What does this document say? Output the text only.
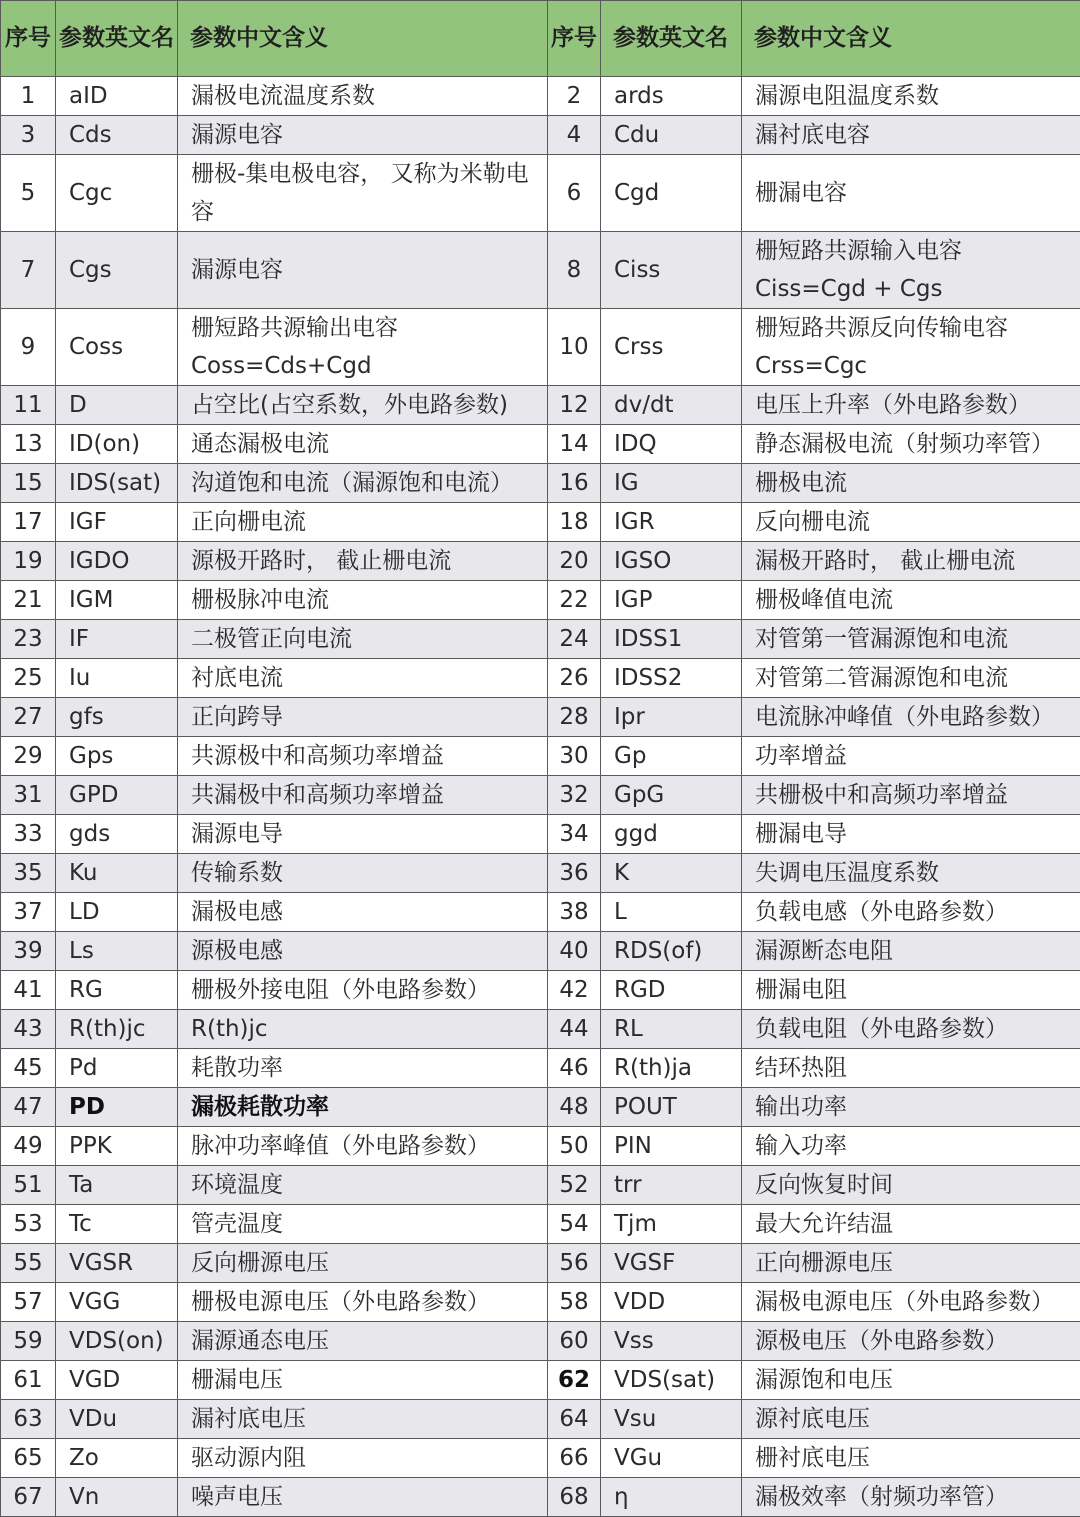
序号	参数英文名	参数中文含义	序号	参数英文名	参数中文含义
1	aID	漏极电流温度系数	2	ards	漏源电阻温度系数
3	Cds	漏源电容	4	Cdu	漏衬底电容
5	Cgc	栅极-集电极电容， 又称为米勒电容	6	Cgd	栅漏电容
7	Cgs	漏源电容	8	Ciss	栅短路共源输入电容 Ciss=Cgd + Cgs
9	Coss	栅短路共源输出电容 Coss=Cds+Cgd	10	Crss	栅短路共源反向传输电容 Crss=Cgc
11	D	占空比(占空系数，外电路参数)	12	dv/dt	电压上升率（外电路参数）
13	ID(on)	通态漏极电流	14	IDQ	静态漏极电流（射频功率管）
15	IDS(sat)	沟道饱和电流（漏源饱和电流）	16	IG	栅极电流
17	IGF	正向栅电流	18	IGR	反向栅电流
19	IGDO	源极开路时， 截止栅电流	20	IGSO	漏极开路时， 截止栅电流
21	IGM	栅极脉冲电流	22	IGP	栅极峰值电流
23	IF	二极管正向电流	24	IDSS1	对管第一管漏源饱和电流
25	Iu	衬底电流	26	IDSS2	对管第二管漏源饱和电流
27	gfs	正向跨导	28	Ipr	电流脉冲峰值（外电路参数）
29	Gps	共源极中和高频功率增益	30	Gp	功率增益
31	GPD	共漏极中和高频功率增益	32	GpG	共栅极中和高频功率增益
33	gds	漏源电导	34	ggd	栅漏电导
35	Ku	传输系数	36	K	失调电压温度系数
37	LD	漏极电感	38	L	负载电感（外电路参数）
39	Ls	源极电感	40	RDS(of)	漏源断态电阻
41	RG	栅极外接电阻（外电路参数）	42	RGD	栅漏电阻
43	R(th)jc	R(th)jc	44	RL	负载电阻（外电路参数）
45	Pd	耗散功率	46	R(th)ja	结环热阻
47	PD	漏极耗散功率	48	POUT	输出功率
49	PPK	脉冲功率峰值（外电路参数）	50	PIN	输入功率
51	Ta	环境温度	52	trr	反向恢复时间
53	Tc	管壳温度	54	Tjm	最大允许结温
55	VGSR	反向栅源电压	56	VGSF	正向栅源电压
57	VGG	栅极电源电压（外电路参数）	58	VDD	漏极电源电压（外电路参数）
59	VDS(on)	漏源通态电压	60	Vss	源极电压（外电路参数）
61	VGD	栅漏电压	62	VDS(sat)	漏源饱和电压
63	VDu	漏衬底电压	64	Vsu	源衬底电压
65	Zo	驱动源内阻	66	VGu	栅衬底电压
67	Vn	噪声电压	68	η	漏极效率（射频功率管）
